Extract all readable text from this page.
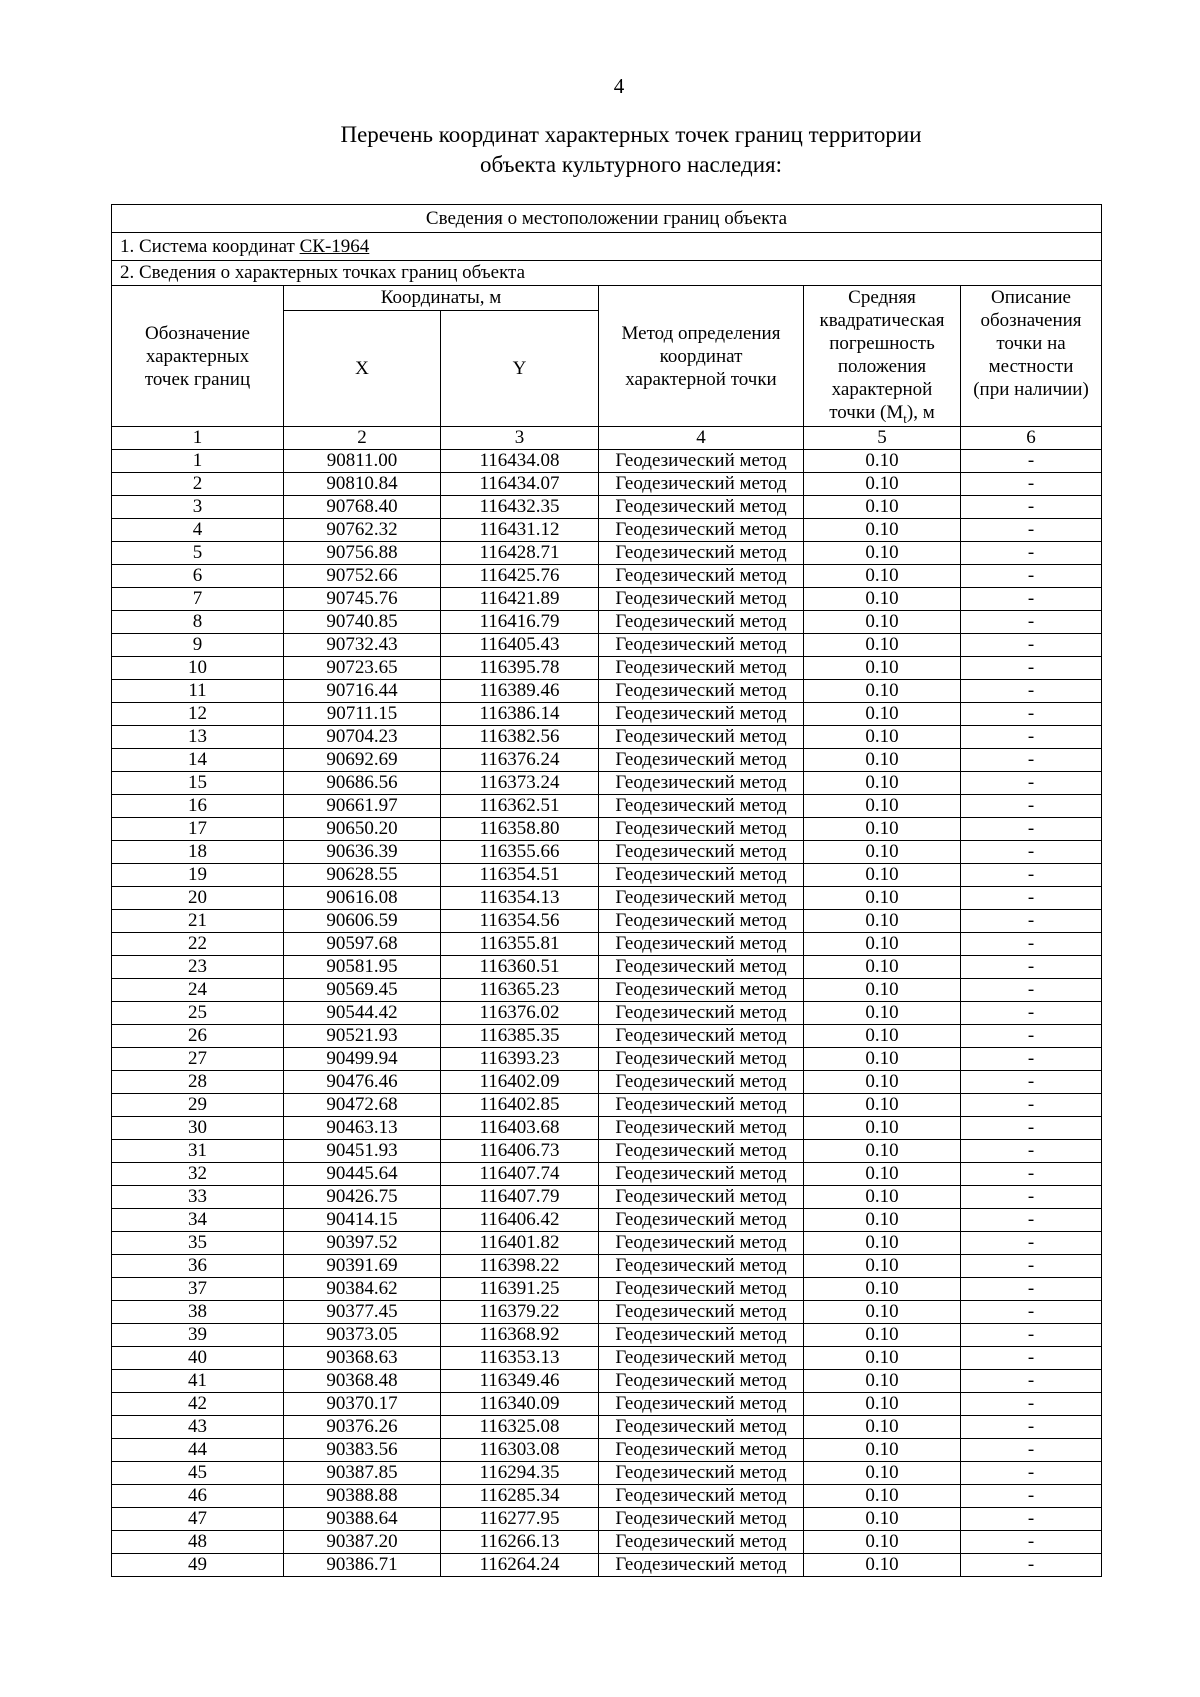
4
Перечень координат характерных точек границ территории
объекта культурного наследия:
Сведения о местоположении границ объекта					
1. Система координат СК-1964					
2. Сведения о характерных точках границ объекта					
Обозначение характерных точек границ	Координаты, м		Метод определения координат характерной точки	Средняя квадратическая погрешность положения характерной точки $(M_t)$, м	Описание обозначения точки на местности (при наличии)
	X	Y			
1	2	3	4	5	6
1	90811.00	116434.08	Геодезический метод	0.10	-
2	90810.84	116434.07	Геодезический метод	0.10	-
3	90768.40	116432.35	Геодезический метод	0.10	-
4	90762.32	116431.12	Геодезический метод	0.10	-
5	90756.88	116428.71	Геодезический метод	0.10	-
6	90752.66	116425.76	Геодезический метод	0.10	-
7	90745.76	116421.89	Геодезический метод	0.10	-
8	90740.85	116416.79	Геодезический метод	0.10	-
9	90732.43	116405.43	Геодезический метод	0.10	-
10	90723.65	116395.78	Геодезический метод	0.10	-
11	90716.44	116389.46	Геодезический метод	0.10	-
12	90711.15	116386.14	Геодезический метод	0.10	-
13	90704.23	116382.56	Геодезический метод	0.10	-
14	90692.69	116376.24	Геодезический метод	0.10	-
15	90686.56	116373.24	Геодезический метод	0.10	-
16	90661.97	116362.51	Геодезический метод	0.10	-
17	90650.20	116358.80	Геодезический метод	0.10	-
18	90636.39	116355.66	Геодезический метод	0.10	-
19	90628.55	116354.51	Геодезический метод	0.10	-
20	90616.08	116354.13	Геодезический метод	0.10	-
21	90606.59	116354.56	Геодезический метод	0.10	-
22	90597.68	116355.81	Геодезический метод	0.10	-
23	90581.95	116360.51	Геодезический метод	0.10	-
24	90569.45	116365.23	Геодезический метод	0.10	-
25	90544.42	116376.02	Геодезический метод	0.10	-
26	90521.93	116385.35	Геодезический метод	0.10	-
27	90499.94	116393.23	Геодезический метод	0.10	-
28	90476.46	116402.09	Геодезический метод	0.10	-
29	90472.68	116402.85	Геодезический метод	0.10	-
30	90463.13	116403.68	Геодезический метод	0.10	-
31	90451.93	116406.73	Геодезический метод	0.10	-
32	90445.64	116407.74	Геодезический метод	0.10	-
33	90426.75	116407.79	Геодезический метод	0.10	-
34	90414.15	116406.42	Геодезический метод	0.10	-
35	90397.52	116401.82	Геодезический метод	0.10	-
36	90391.69	116398.22	Геодезический метод	0.10	-
37	90384.62	116391.25	Геодезический метод	0.10	-
38	90377.45	116379.22	Геодезический метод	0.10	-
39	90373.05	116368.92	Геодезический метод	0.10	-
40	90368.63	116353.13	Геодезический метод	0.10	-
41	90368.48	116349.46	Геодезический метод	0.10	-
42	90370.17	116340.09	Геодезический метод	0.10	-
43	90376.26	116325.08	Геодезический метод	0.10	-
44	90383.56	116303.08	Геодезический метод	0.10	-
45	90387.85	116294.35	Геодезический метод	0.10	-
46	90388.88	116285.34	Геодезический метод	0.10	-
47	90388.64	116277.95	Геодезический метод	0.10	-
48	90387.20	116266.13	Геодезический метод	0.10	-
49	90386.71	116264.24	Геодезический метод	0.10	-
